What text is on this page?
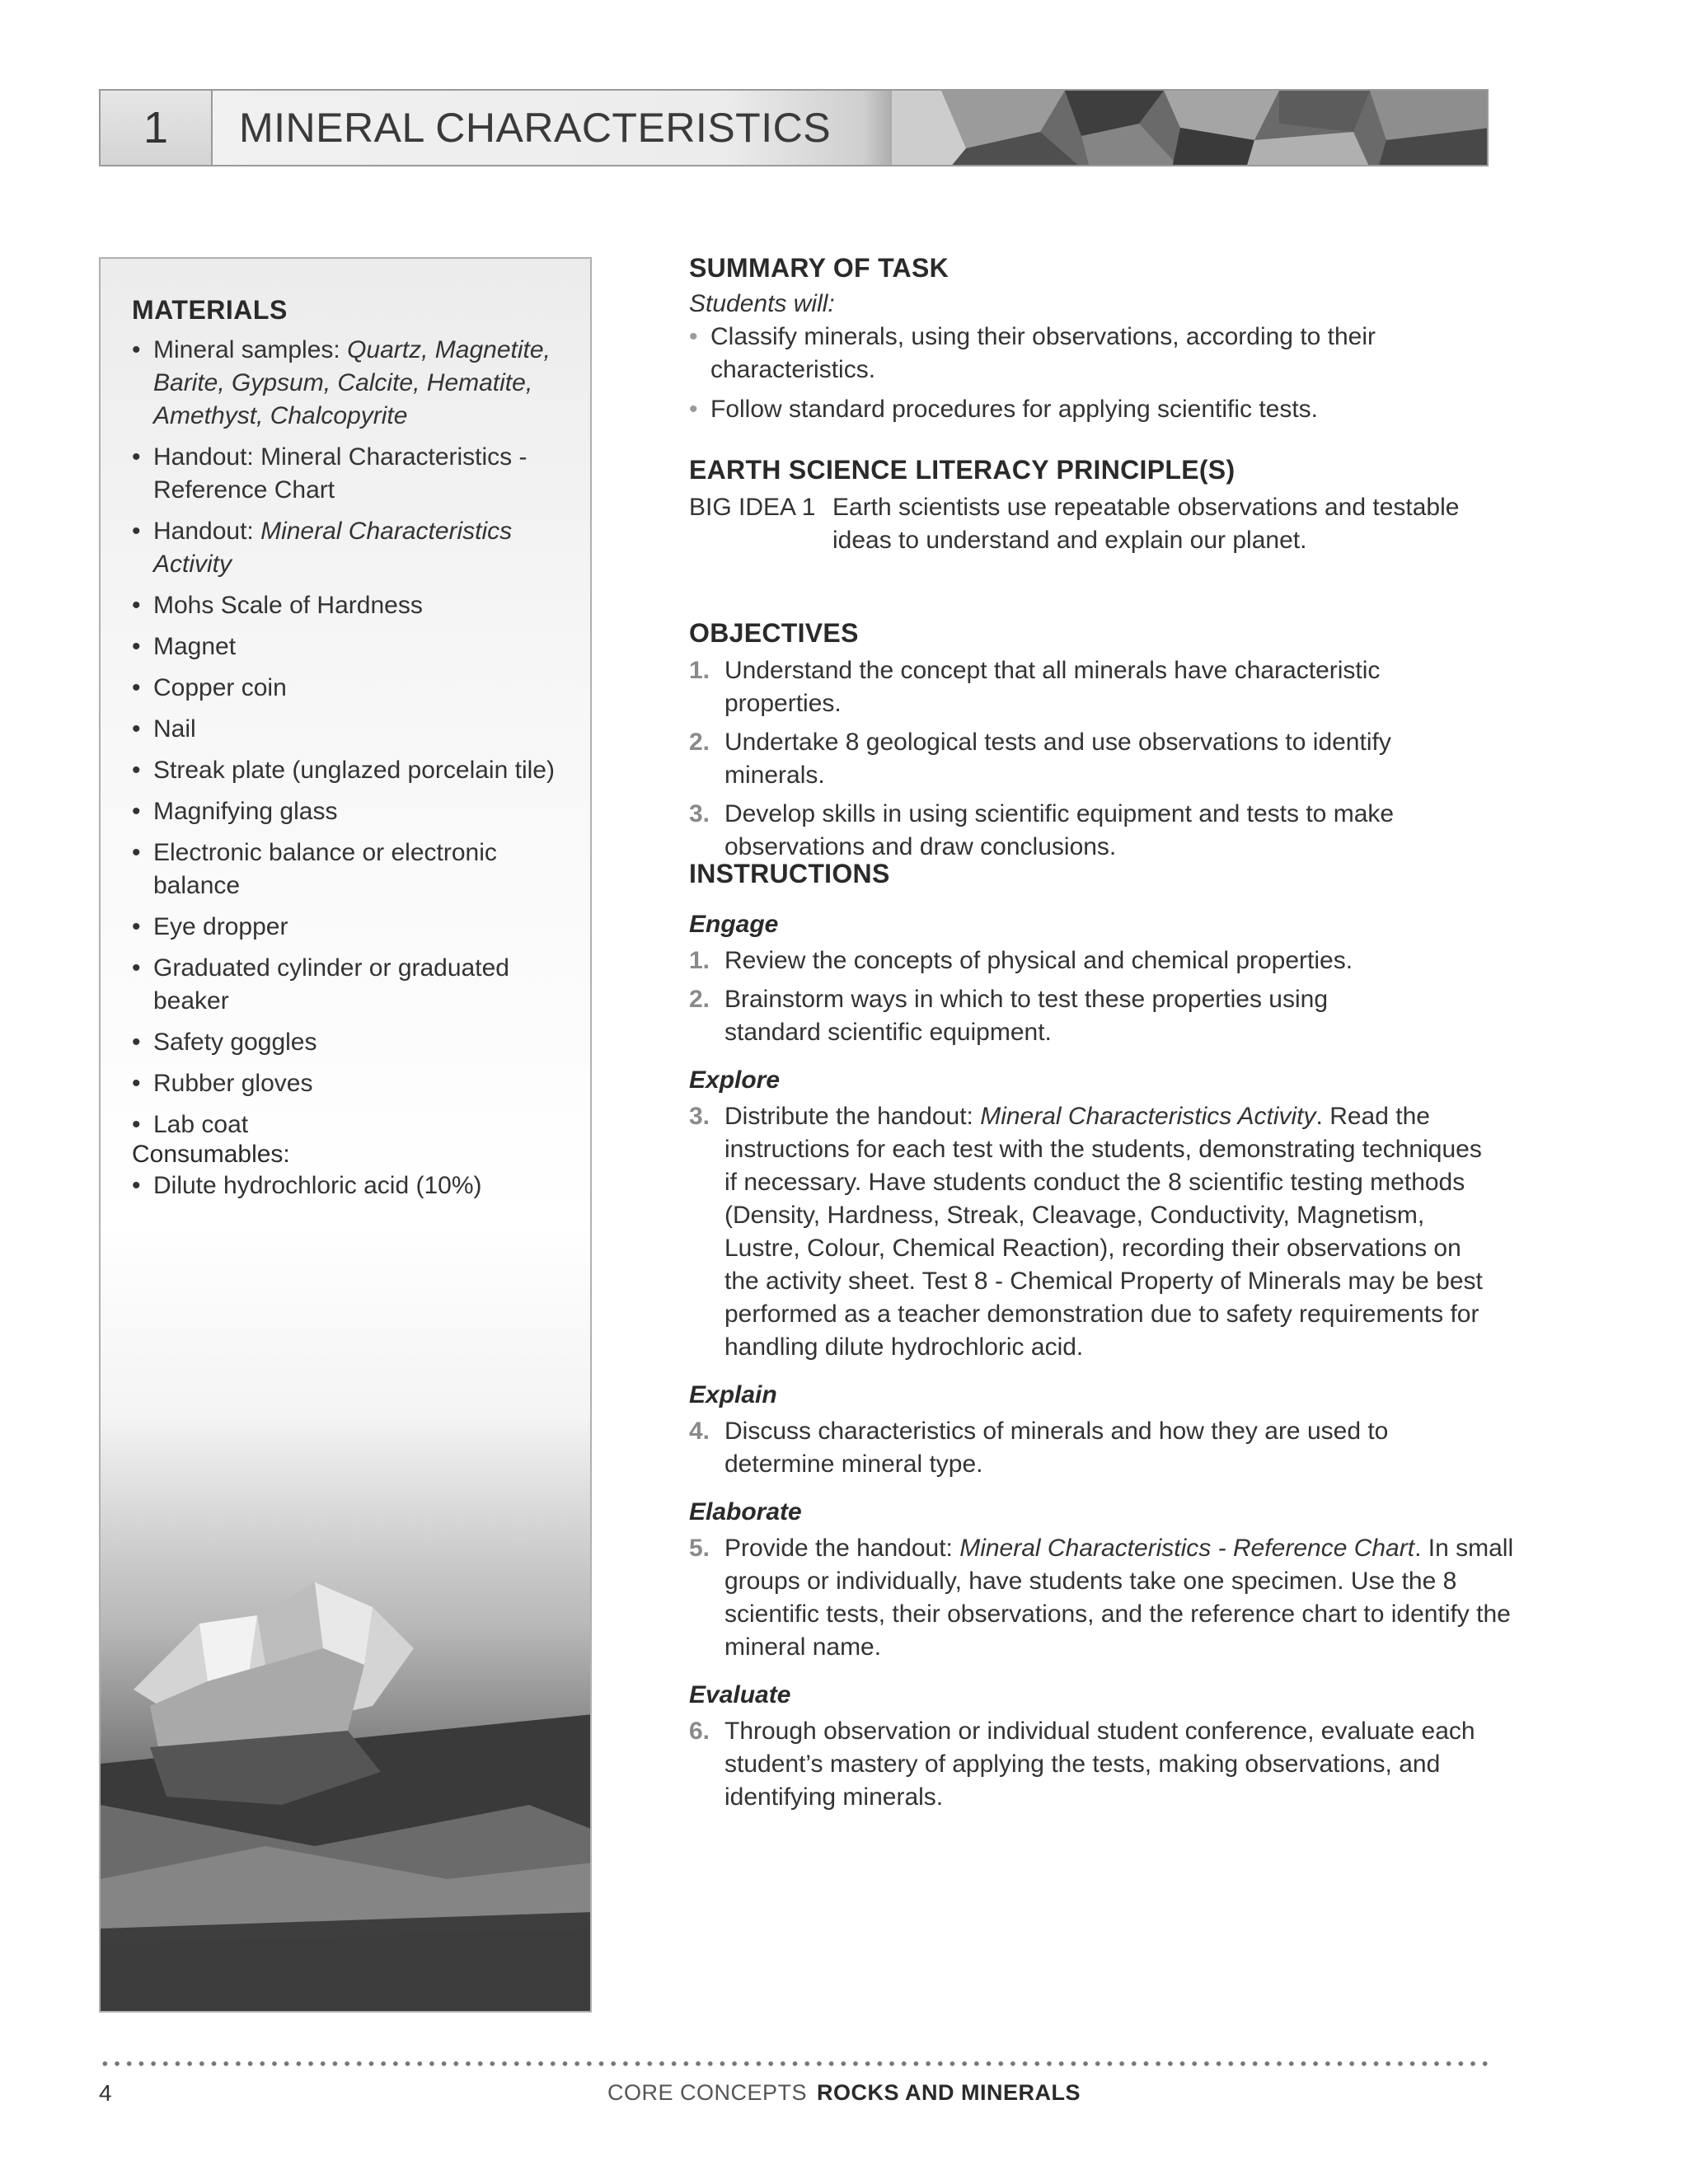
1	MINERAL CHARACTERISTICS
MATERIALS
• Mineral samples: Quartz, Magnetite, Barite, Gypsum, Calcite, Hematite, Amethyst, Chalcopyrite
• Handout: Mineral Characteristics - Reference Chart
• Handout: Mineral Characteristics Activity
• Mohs Scale of Hardness
• Magnet
• Copper coin
• Nail
• Streak plate (unglazed porcelain tile)
• Magnifying glass
• Electronic balance or electronic balance
• Eye dropper
• Graduated cylinder or graduated beaker
• Safety goggles
• Rubber gloves
• Lab coat
Consumables:
• Dilute hydrochloric acid (10%)
SUMMARY OF TASK
Students will:
• Classify minerals, using their observations, according to their characteristics.
• Follow standard procedures for applying scientific tests.
EARTH SCIENCE LITERACY PRINCIPLE(S)
BIG IDEA 1 Earth scientists use repeatable observations and testable ideas to understand and explain our planet.
OBJECTIVES
1. Understand the concept that all minerals have characteristic properties.
2. Undertake 8 geological tests and use observations to identify minerals.
3. Develop skills in using scientific equipment and tests to make observations and draw conclusions.
INSTRUCTIONS
Engage
1. Review the concepts of physical and chemical properties.
2. Brainstorm ways in which to test these properties using standard scientific equipment.
Explore
3. Distribute the handout: Mineral Characteristics Activity. Read the instructions for each test with the students, demonstrating techniques if necessary. Have students conduct the 8 scientific testing methods (Density, Hardness, Streak, Cleavage, Conductivity, Magnetism, Lustre, Colour, Chemical Reaction), recording their observations on the activity sheet. Test 8 - Chemical Property of Minerals may be best performed as a teacher demonstration due to safety requirements for handling dilute hydrochloric acid.
Explain
4. Discuss characteristics of minerals and how they are used to determine mineral type.
Elaborate
5. Provide the handout: Mineral Characteristics - Reference Chart. In small groups or individually, have students take one specimen. Use the 8 scientific tests, their observations, and the reference chart to identify the mineral name.
Evaluate
6. Through observation or individual student conference, evaluate each student’s mastery of applying the tests, making observations, and identifying minerals.
4	CORE CONCEPTS ROCKS AND MINERALS
